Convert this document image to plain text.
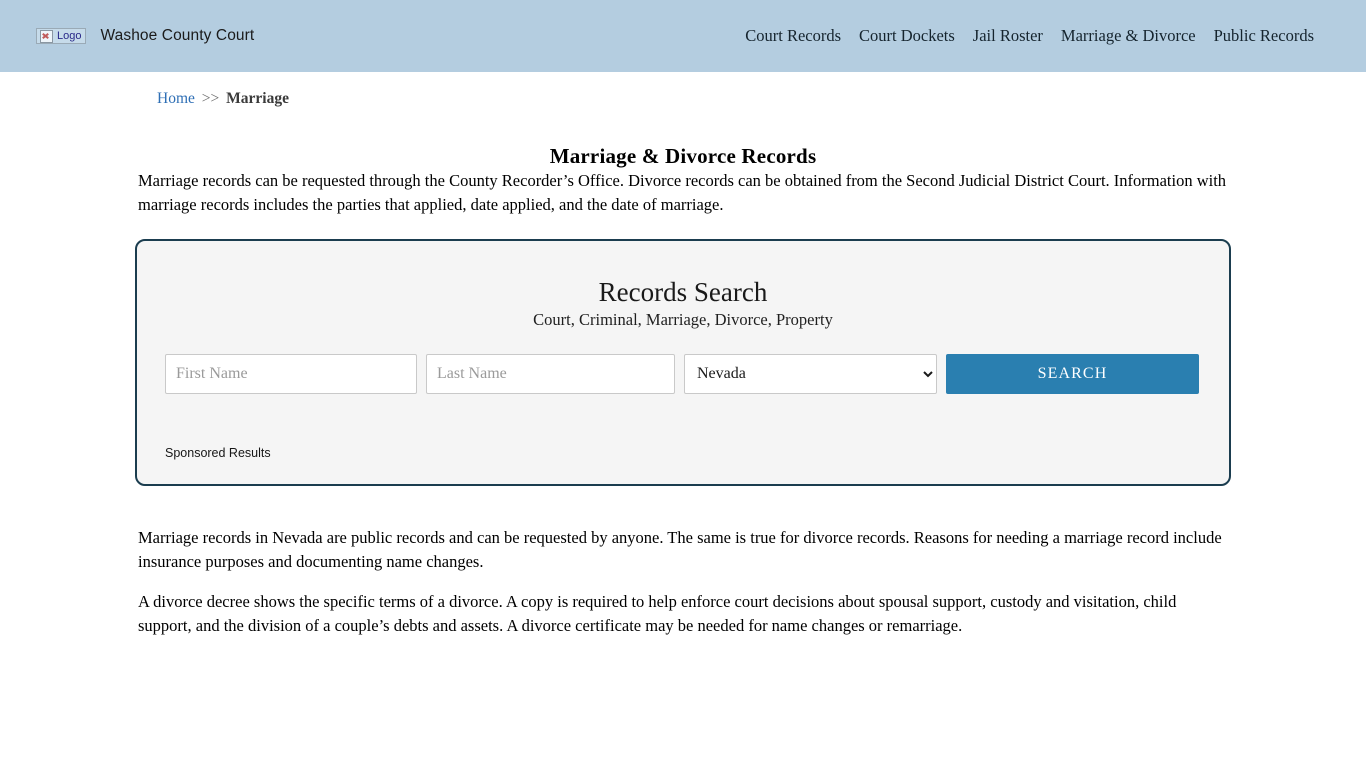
Logo Washoe County Court	Court Records Court Dockets Jail Roster Marriage & Divorce Public Records
Home >> Marriage
Marriage & Divorce Records

Marriage records can be requested through the County Recorder’s Office. Divorce records can be obtained from the Second Judicial District Court. Information with marriage records includes the parties that applied, date applied, and the date of marriage.

Records Search
Court, Criminal, Marriage, Divorce, Property
First Name
Last Name
Nevada
SEARCH
Sponsored Results

Marriage records in Nevada are public records and can be requested by anyone. The same is true for divorce records. Reasons for needing a marriage record include insurance purposes and documenting name changes.

A divorce decree shows the specific terms of a divorce. A copy is required to help enforce court decisions about spousal support, custody and visitation, child support, and the division of a couple’s debts and assets. A divorce certificate may be needed for name changes or remarriage.
